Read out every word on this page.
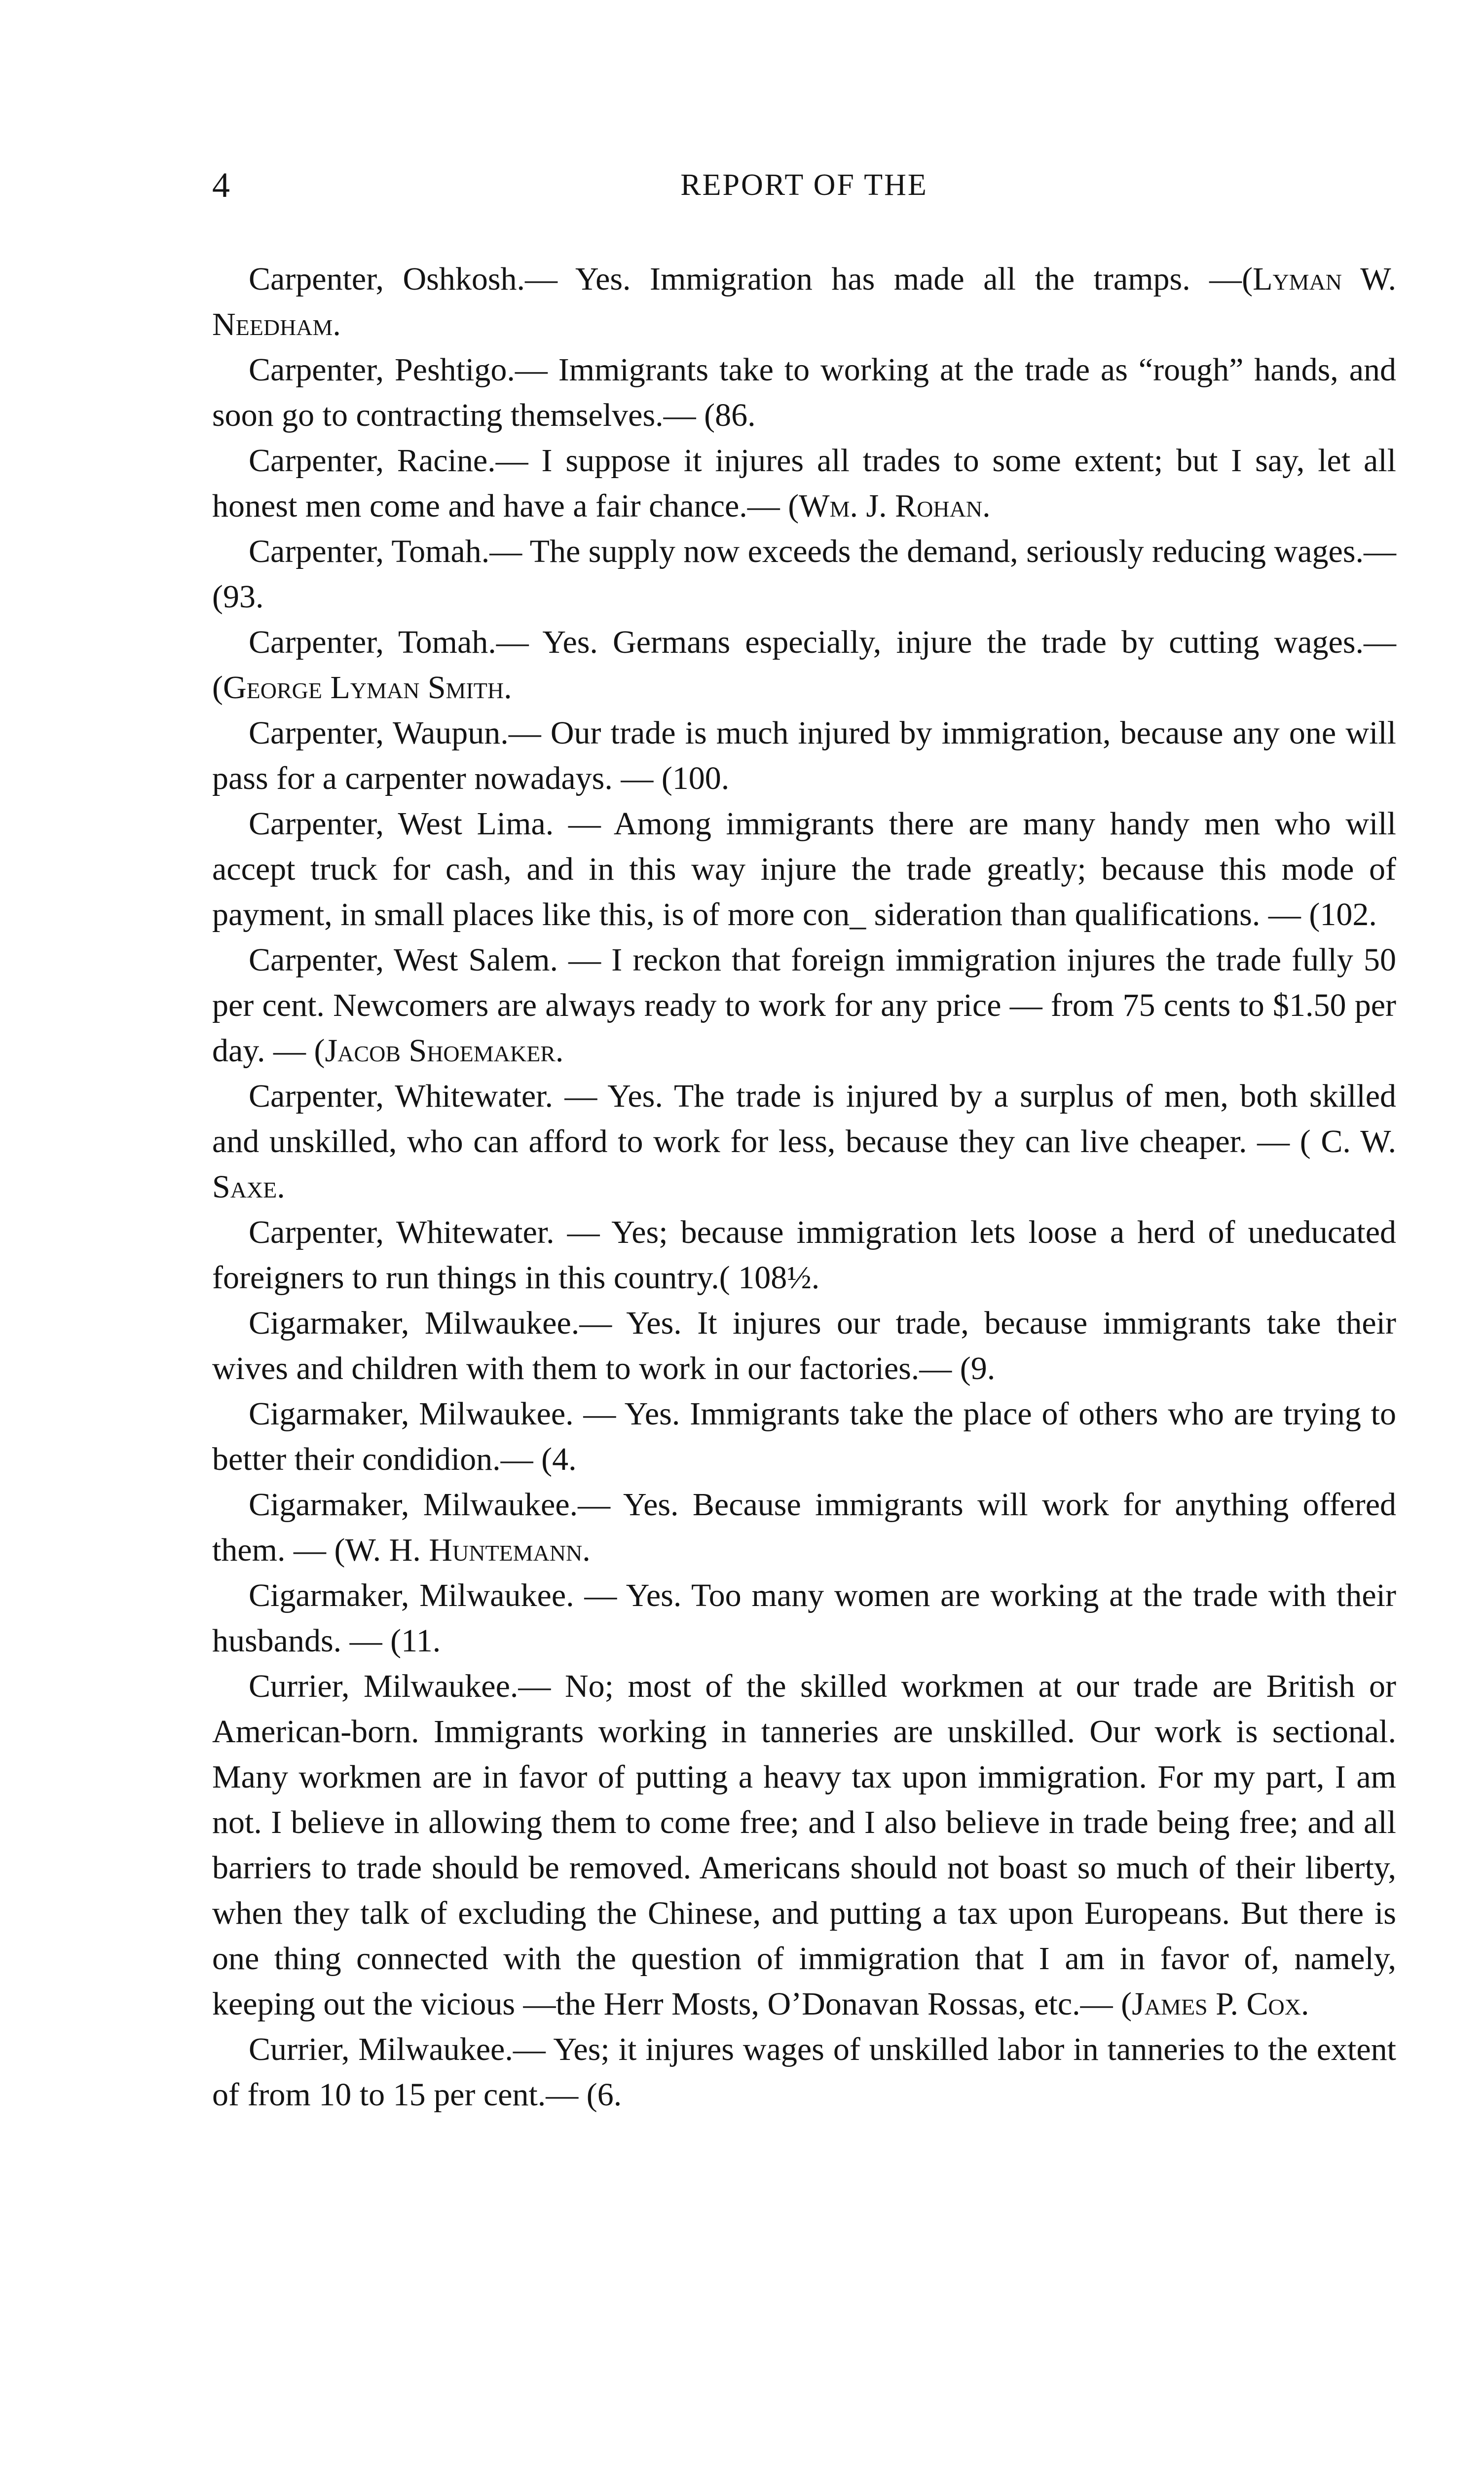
4	REPORT OF THE

Carpenter, Oshkosh.— Yes. Immigration has made all the tramps. —(Lyman W. Needham.

Carpenter, Peshtigo.— Immigrants take to working at the trade as “rough” hands, and soon go to contracting themselves.— (86.

Carpenter, Racine.— I suppose it injures all trades to some extent; but I say, let all honest men come and have a fair chance.— (Wm. J. Rohan.

Carpenter, Tomah.— The supply now exceeds the demand, seriously reducing wages.—(93.

Carpenter, Tomah.— Yes. Germans especially, injure the trade by cutting wages.— (George Lyman Smith.

Carpenter, Waupun.— Our trade is much injured by immigration, because any one will pass for a carpenter nowadays. — (100.

Carpenter, West Lima. — Among immigrants there are many handy men who will accept truck for cash, and in this way injure the trade greatly; because this mode of payment, in small places like this, is of more con_ sideration than qualifications. — (102.

Carpenter, West Salem. — I reckon that foreign immigration injures the trade fully 50 per cent. Newcomers are always ready to work for any price — from 75 cents to $1.50 per day. — (Jacob Shoemaker.

Carpenter, Whitewater. — Yes. The trade is injured by a surplus of men, both skilled and unskilled, who can afford to work for less, because they can live cheaper. — ( C. W. Saxe.

Carpenter, Whitewater. — Yes; because immigration lets loose a herd of uneducated foreigners to run things in this country.( 108½.

Cigarmaker, Milwaukee.— Yes. It injures our trade, because immigrants take their wives and children with them to work in our factories.— (9.

Cigarmaker, Milwaukee. — Yes. Immigrants take the place of others who are trying to better their condidion.— (4.

Cigarmaker, Milwaukee.— Yes. Because immigrants will work for anything offered them. — (W. H. Huntemann.

Cigarmaker, Milwaukee. — Yes. Too many women are working at the trade with their husbands. — (11.

Currier, Milwaukee.— No; most of the skilled workmen at our trade are British or American-born. Immigrants working in tanneries are unskilled. Our work is sectional. Many workmen are in favor of putting a heavy tax upon immigration. For my part, I am not. I believe in allowing them to come free; and I also believe in trade being free; and all barriers to trade should be removed. Americans should not boast so much of their liberty, when they talk of excluding the Chinese, and putting a tax upon Europeans. But there is one thing connected with the question of immigration that I am in favor of, namely, keeping out the vicious —the Herr Mosts, O’Donavan Rossas, etc.— (James P. Cox.

Currier, Milwaukee.— Yes; it injures wages of unskilled labor in tanneries to the extent of from 10 to 15 per cent.— (6.
